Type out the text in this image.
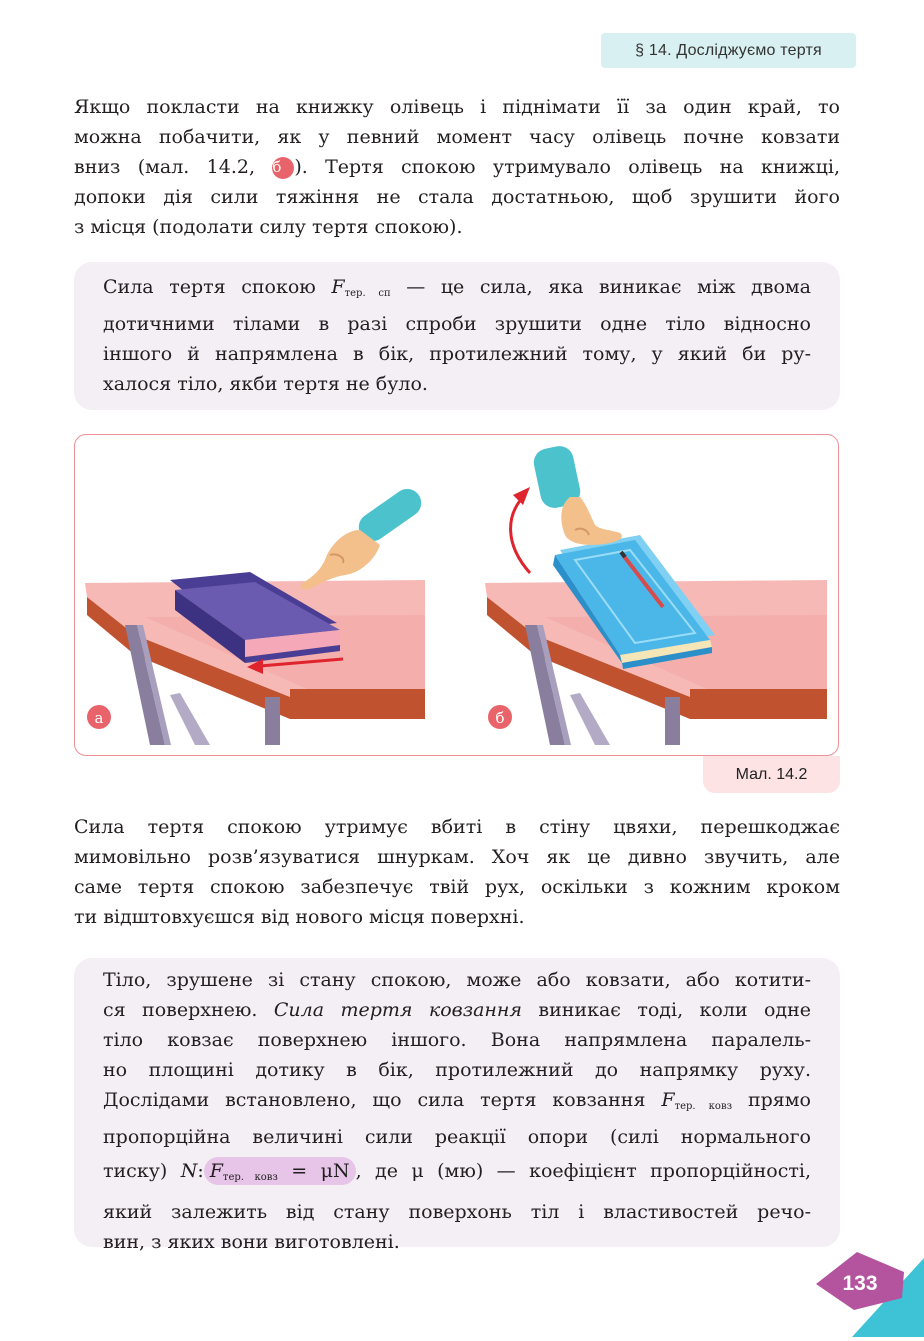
§ 14. Досліджуємо тертя
Якщо покласти на книжку олівець і піднімати її за один край, то
можна побачити, як у певний момент часу олівець почне ковзати
вниз (мал. 14.2, б ). Тертя спокою утримувало олівець на книжці,
допоки дія сили тяжіння не стала достатньою, щоб зрушити його
з місця (подолати силу тертя спокою).
Сила тертя спокою $F_{тер. сп}$ — це сила, яка виникає між двома
дотичними тілами в разі спроби зрушити одне тіло відносно
іншого й напрямлена в бік, протилежний тому, у який би ру-
халося тіло, якби тертя не було.
а	б
Мал. 14.2
Сила тертя спокою утримує вбиті в стіну цвяхи, перешкоджає
мимовільно розв’язуватися шнуркам. Хоч як це дивно звучить, але
саме тертя спокою забезпечує твій рух, оскільки з кожним кроком
ти відштовхуєшся від нового місця поверхні.
Тіло, зрушене зі стану спокою, може або ковзати, або котити-
ся поверхнею. Сила тертя ковзання виникає тоді, коли одне
тіло ковзає поверхнею іншого. Вона напрямлена паралель-
но площині дотику в бік, протилежний до напрямку руху.
Дослідами встановлено, що сила тертя ковзання $F_{тер. ковз}$ прямо
пропорційна величині сили реакції опори (силі нормального
тиску) N: $F_{тер. ковз} = \mu N$ , де μ (мю) — коефіцієнт пропорційності,
який залежить від стану поверхонь тіл і властивостей рeчо-
вин, з яких вони виготовлені.
133
